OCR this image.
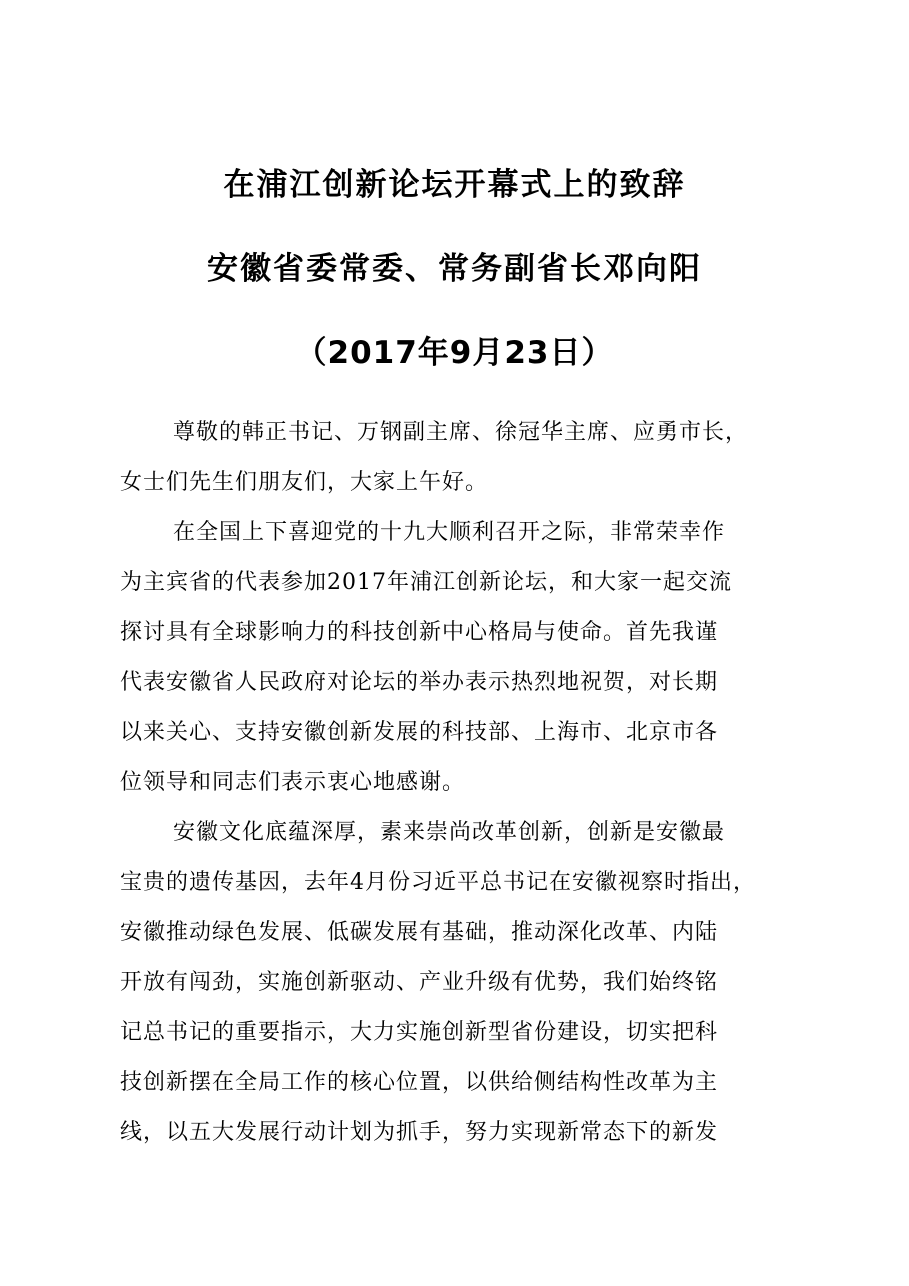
在浦江创新论坛开幕式上的致辞
安徽省委常委、常务副省长邓向阳
（2017年9月23日）
尊敬的韩正书记、万钢副主席、徐冠华主席、应勇市长，
女士们先生们朋友们，大家上午好。
在全国上下喜迎党的十九大顺利召开之际，非常荣幸作
为主宾省的代表参加2017年浦江创新论坛，和大家一起交流
探讨具有全球影响力的科技创新中心格局与使命。首先我谨
代表安徽省人民政府对论坛的举办表示热烈地祝贺，对长期
以来关心、支持安徽创新发展的科技部、上海市、北京市各
位领导和同志们表示衷心地感谢。
安徽文化底蕴深厚，素来崇尚改革创新，创新是安徽最
宝贵的遗传基因，去年4月份习近平总书记在安徽视察时指出，
安徽推动绿色发展、低碳发展有基础，推动深化改革、内陆
开放有闯劲，实施创新驱动、产业升级有优势，我们始终铭
记总书记的重要指示，大力实施创新型省份建设，切实把科
技创新摆在全局工作的核心位置，以供给侧结构性改革为主
线，以五大发展行动计划为抓手，努力实现新常态下的新发
